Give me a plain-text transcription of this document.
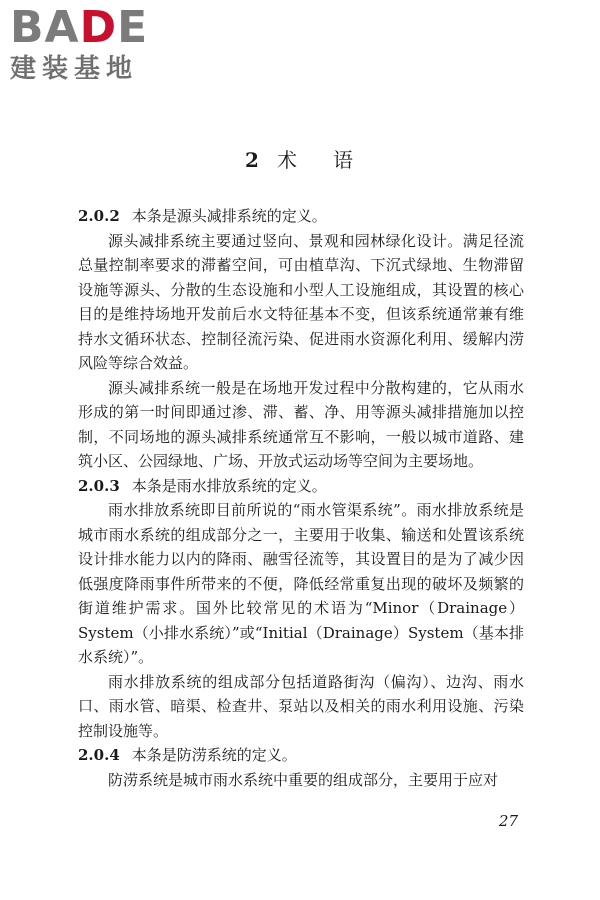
BADE
建装基地
2 术 语

2.0.2 本条是源头减排系统的定义。

源头减排系统主要通过竖向、景观和园林绿化设计。满足径流总量控制率要求的滞蓄空间，可由植草沟、下沉式绿地、生物滞留设施等源头、分散的生态设施和小型人工设施组成，其设置的核心目的是维持场地开发前后水文特征基本不变，但该系统通常兼有维持水文循环状态、控制径流污染、促进雨水资源化利用、缓解内涝风险等综合效益。

源头减排系统一般是在场地开发过程中分散构建的，它从雨水形成的第一时间即通过渗、滞、蓄、净、用等源头减排措施加以控制，不同场地的源头减排系统通常互不影响，一般以城市道路、建筑小区、公园绿地、广场、开放式运动场等空间为主要场地。

2.0.3 本条是雨水排放系统的定义。

雨水排放系统即目前所说的“雨水管渠系统”。雨水排放系统是城市雨水系统的组成部分之一，主要用于收集、输送和处置该系统设计排水能力以内的降雨、融雪径流等，其设置目的是为了减少因低强度降雨事件所带来的不便，降低经常重复出现的破坏及频繁的街道维护需求。国外比较常见的术语为“Minor（Drainage）System（小排水系统）”或“Initial（Drainage）System（基本排水系统）”。

雨水排放系统的组成部分包括道路街沟（偏沟）、边沟、雨水口、雨水管、暗渠、检查井、泵站以及相关的雨水利用设施、污染控制设施等。

2.0.4 本条是防涝系统的定义。

防涝系统是城市雨水系统中重要的组成部分，主要用于应对

27
